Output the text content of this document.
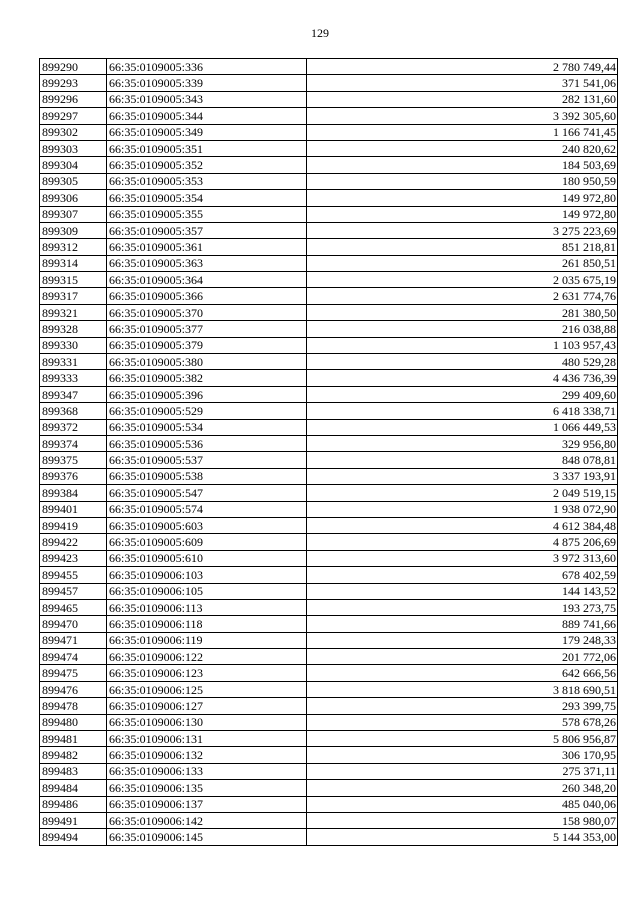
129
899290	66:35:0109005:336	2 780 749,44
899293	66:35:0109005:339	371 541,06
899296	66:35:0109005:343	282 131,60
899297	66:35:0109005:344	3 392 305,60
899302	66:35:0109005:349	1 166 741,45
899303	66:35:0109005:351	240 820,62
899304	66:35:0109005:352	184 503,69
899305	66:35:0109005:353	180 950,59
899306	66:35:0109005:354	149 972,80
899307	66:35:0109005:355	149 972,80
899309	66:35:0109005:357	3 275 223,69
899312	66:35:0109005:361	851 218,81
899314	66:35:0109005:363	261 850,51
899315	66:35:0109005:364	2 035 675,19
899317	66:35:0109005:366	2 631 774,76
899321	66:35:0109005:370	281 380,50
899328	66:35:0109005:377	216 038,88
899330	66:35:0109005:379	1 103 957,43
899331	66:35:0109005:380	480 529,28
899333	66:35:0109005:382	4 436 736,39
899347	66:35:0109005:396	299 409,60
899368	66:35:0109005:529	6 418 338,71
899372	66:35:0109005:534	1 066 449,53
899374	66:35:0109005:536	329 956,80
899375	66:35:0109005:537	848 078,81
899376	66:35:0109005:538	3 337 193,91
899384	66:35:0109005:547	2 049 519,15
899401	66:35:0109005:574	1 938 072,90
899419	66:35:0109005:603	4 612 384,48
899422	66:35:0109005:609	4 875 206,69
899423	66:35:0109005:610	3 972 313,60
899455	66:35:0109006:103	678 402,59
899457	66:35:0109006:105	144 143,52
899465	66:35:0109006:113	193 273,75
899470	66:35:0109006:118	889 741,66
899471	66:35:0109006:119	179 248,33
899474	66:35:0109006:122	201 772,06
899475	66:35:0109006:123	642 666,56
899476	66:35:0109006:125	3 818 690,51
899478	66:35:0109006:127	293 399,75
899480	66:35:0109006:130	578 678,26
899481	66:35:0109006:131	5 806 956,87
899482	66:35:0109006:132	306 170,95
899483	66:35:0109006:133	275 371,11
899484	66:35:0109006:135	260 348,20
899486	66:35:0109006:137	485 040,06
899491	66:35:0109006:142	158 980,07
899494	66:35:0109006:145	5 144 353,00
